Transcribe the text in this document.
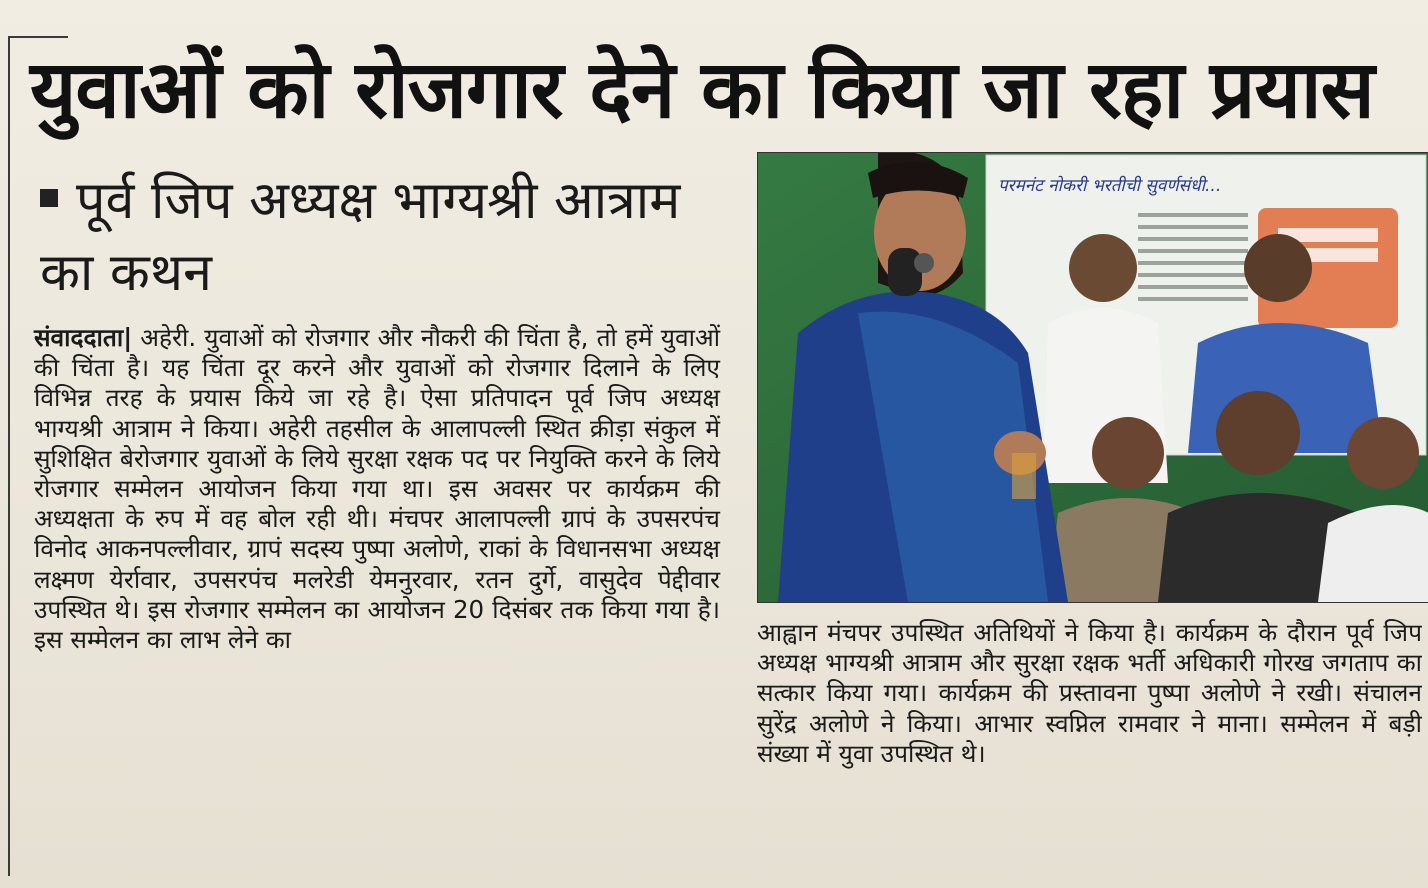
युवाओं को रोजगार देने का किया जा रहा प्रयास
पूर्व जिप अध्यक्ष भाग्यश्री आत्राम का कथन
संवाददाता| अहेरी. युवाओं को रोजगार और नौकरी की चिंता है, तो हमें युवाओं की चिंता है। यह चिंता दूर करने और युवाओं को रोजगार दिलाने के लिए विभिन्न तरह के प्रयास किये जा रहे है। ऐसा प्रतिपादन पूर्व जिप अध्यक्ष भाग्यश्री आत्राम ने किया। अहेरी तहसील के आलापल्ली स्थित क्रीड़ा संकुल में सुशिक्षित बेरोजगार युवाओं के लिये सुरक्षा रक्षक पद पर नियुक्ति करने के लिये रोजगार सम्मेलन आयोजन किया गया था। इस अवसर पर कार्यक्रम की अध्यक्षता के रुप में वह बोल रही थी। मंचपर आलापल्ली ग्रापं के उपसरपंच विनोद आकनपल्लीवार, ग्रापं सदस्य पुष्पा अलोणे, राकां के विधानसभा अध्यक्ष लक्ष्मण येर्रावार, उपसरपंच मलरेडी येमनुरवार, रतन दुर्गे, वासुदेव पेद्दीवार उपस्थित थे। इस रोजगार सम्मेलन का आयोजन 20 दिसंबर तक किया गया है। इस सम्मेलन का लाभ लेने का
परमनंट नोकरी भरतीची सुवर्णसंधी...
आह्वान मंचपर उपस्थित अतिथियों ने किया है। कार्यक्रम के दौरान पूर्व जिप अध्यक्ष भाग्यश्री आत्राम और सुरक्षा रक्षक भर्ती अधिकारी गोरख जगताप का सत्कार किया गया। कार्यक्रम की प्रस्तावना पुष्पा अलोणे ने रखी। संचालन सुरेंद्र अलोणे ने किया। आभार स्वप्निल रामवार ने माना। सम्मेलन में बड़ी संख्या में युवा उपस्थित थे।
